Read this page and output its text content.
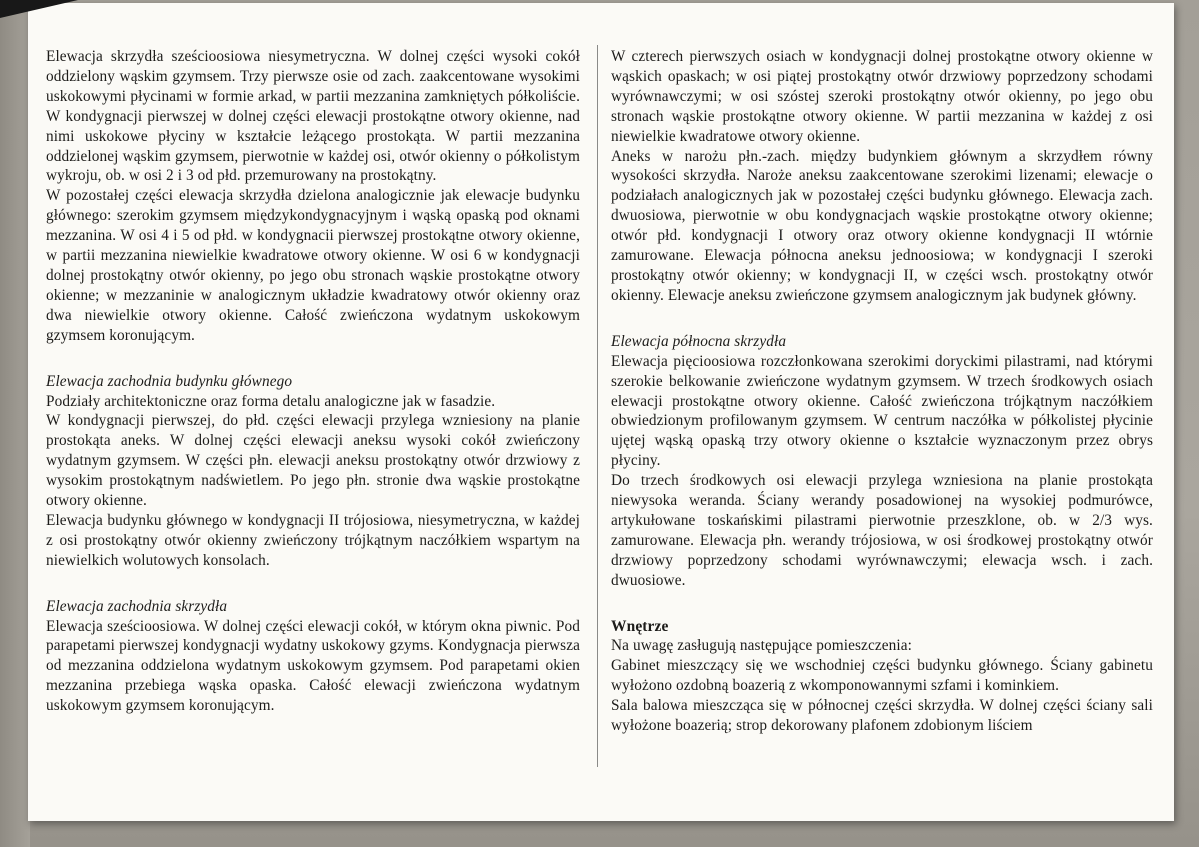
Elewacja skrzydła sześcioosiowa niesymetryczna. W dolnej części wysoki cokół oddzielony wąskim gzymsem. Trzy pierwsze osie od zach. zaakcentowane wysokimi uskokowymi płycinami w formie arkad, w partii mezzanina zamkniętych półkoliście. W kondygnacji pierwszej w dolnej części elewacji prostokątne otwory okienne, nad nimi uskokowe płyciny w kształcie leżącego prostokąta. W partii mezzanina oddzielonej wąskim gzymsem, pierwotnie w każdej osi, otwór okienny o półkolistym wykroju, ob. w osi 2 i 3 od płd. przemurowany na prostokątny.

W pozostałej części elewacja skrzydła dzielona analogicznie jak elewacje budynku głównego: szerokim gzymsem międzykondygnacyjnym i wąską opaską pod oknami mezzanina. W osi 4 i 5 od płd. w kondygnacii pierwszej prostokątne otwory okienne, w partii mezzanina niewielkie kwadratowe otwory okienne. W osi 6 w kondygnacji dolnej prostokątny otwór okienny, po jego obu stronach wąskie prostokątne otwory okienne; w mezzaninie w analogicznym układzie kwadratowy otwór okienny oraz dwa niewielkie otwory okienne. Całość zwieńczona wydatnym uskokowym gzymsem koronującym.

Elewacja zachodnia budynku głównego

Podziały architektoniczne oraz forma detalu analogiczne jak w fasadzie.

W kondygnacji pierwszej, do płd. części elewacji przylega wzniesiony na planie prostokąta aneks. W dolnej części elewacji aneksu wysoki cokół zwieńczony wydatnym gzymsem. W części płn. elewacji aneksu prostokątny otwór drzwiowy z wysokim prostokątnym nadświetlem. Po jego płn. stronie dwa wąskie prostokątne otwory okienne.

Elewacja budynku głównego w kondygnacji II trójosiowa, niesymetryczna, w każdej z osi prostokątny otwór okienny zwieńczony trójkątnym naczółkiem wspartym na niewielkich wolutowych konsolach.

Elewacja zachodnia skrzydła

Elewacja sześcioosiowa. W dolnej części elewacji cokół, w którym okna piwnic. Pod parapetami pierwszej kondygnacji wydatny uskokowy gzyms. Kondygnacja pierwsza od mezzanina oddzielona wydatnym uskokowym gzymsem. Pod parapetami okien mezzanina przebiega wąska opaska. Całość elewacji zwieńczona wydatnym uskokowym gzymsem koronującym.

W czterech pierwszych osiach w kondygnacji dolnej prostokątne otwory okienne w wąskich opaskach; w osi piątej prostokątny otwór drzwiowy poprzedzony schodami wyrównawczymi; w osi szóstej szeroki prostokątny otwór okienny, po jego obu stronach wąskie prostokątne otwory okienne. W partii mezzanina w każdej z osi niewielkie kwadratowe otwory okienne.

Aneks w narożu płn.-zach. między budynkiem głównym a skrzydłem równy wysokości skrzydła. Naroże aneksu zaakcentowane szerokimi lizenami; elewacje o podziałach analogicznych jak w pozostałej części budynku głównego. Elewacja zach. dwuosiowa, pierwotnie w obu kondygnacjach wąskie prostokątne otwory okienne; otwór płd. kondygnacji I otwory oraz otwory okienne kondygnacji II wtórnie zamurowane. Elewacja północna aneksu jednoosiowa; w kondygnacji I szeroki prostokątny otwór okienny; w kondygnacji II, w części wsch. prostokątny otwór okienny. Elewacje aneksu zwieńczone gzymsem analogicznym jak budynek główny.

Elewacja północna skrzydła

Elewacja pięcioosiowa rozczłonkowana szerokimi doryckimi pilastrami, nad którymi szerokie belkowanie zwieńczone wydatnym gzymsem. W trzech środkowych osiach elewacji prostokątne otwory okienne. Całość zwieńczona trójkątnym naczółkiem obwiedzionym profilowanym gzymsem. W centrum naczółka w półkolistej płycinie ujętej wąską opaską trzy otwory okienne o kształcie wyznaczonym przez obrys płyciny.

Do trzech środkowych osi elewacji przylega wzniesiona na planie prostokąta niewysoka weranda. Ściany werandy posadowionej na wysokiej podmurówce, artykułowane toskańskimi pilastrami pierwotnie przeszklone, ob. w 2/3 wys. zamurowane. Elewacja płn. werandy trójosiowa, w osi środkowej prostokątny otwór drzwiowy poprzedzony schodami wyrównawczymi; elewacja wsch. i zach. dwuosiowe.

Wnętrze

Na uwagę zasługują następujące pomieszczenia:

Gabinet mieszczący się we wschodniej części budynku głównego. Ściany gabinetu wyłożono ozdobną boazerią z wkomponowannymi szfami i kominkiem.

Sala balowa mieszcząca się w północnej części skrzydła. W dolnej części ściany sali wyłożone boazerią; strop dekorowany plafonem zdobionym liściem
